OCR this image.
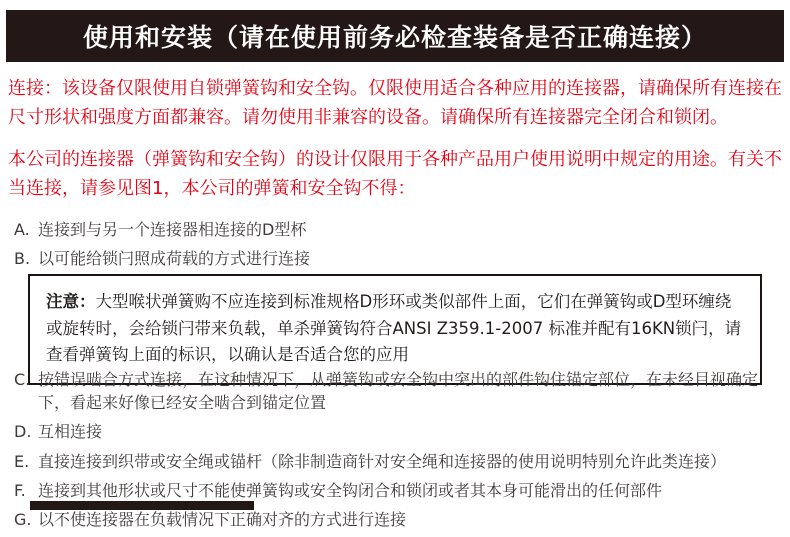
使用和安装（请在使用前务必检查装备是否正确连接）

连接：该设备仅限使用自锁弹簧钩和安全钩。仅限使用适合各种应用的连接器，请确保所有连接在尺寸形状和强度方面都兼容。请勿使用非兼容的设备。请确保所有连接器完全闭合和锁闭。

本公司的连接器（弹簧钩和安全钩）的设计仅限用于各种产品用户使用说明中规定的用途。有关不当连接，请参见图1，本公司的弹簧和安全钩不得：

A. 连接到与另一个连接器相连接的D型杯
B. 以可能给锁闩照成荷载的方式进行连接
注意：大型喉状弹簧购不应连接到标准规格D形环或类似部件上面，它们在弹簧钩或D型环缠绕或旋转时，会给锁闩带来负载，单杀弹簧钩符合ANSI Z359.1-2007 标准并配有16KN锁闩，请查看弹簧钩上面的标识，以确认是否适合您的应用
C. 按错误啮合方式连接，在这种情况下，从弹簧钩或安全钩中突出的部件钩住锚定部位，在未经目视确定下，看起来好像已经安全啮合到锚定位置
D. 互相连接
E. 直接连接到织带或安全绳或锚杆（除非制造商针对安全绳和连接器的使用说明特别允许此类连接）
F. 连接到其他形状或尺寸不能使弹簧钩或安全钩闭合和锁闭或者其本身可能滑出的任何部件
G. 以不使连接器在负载情况下正确对齐的方式进行连接
